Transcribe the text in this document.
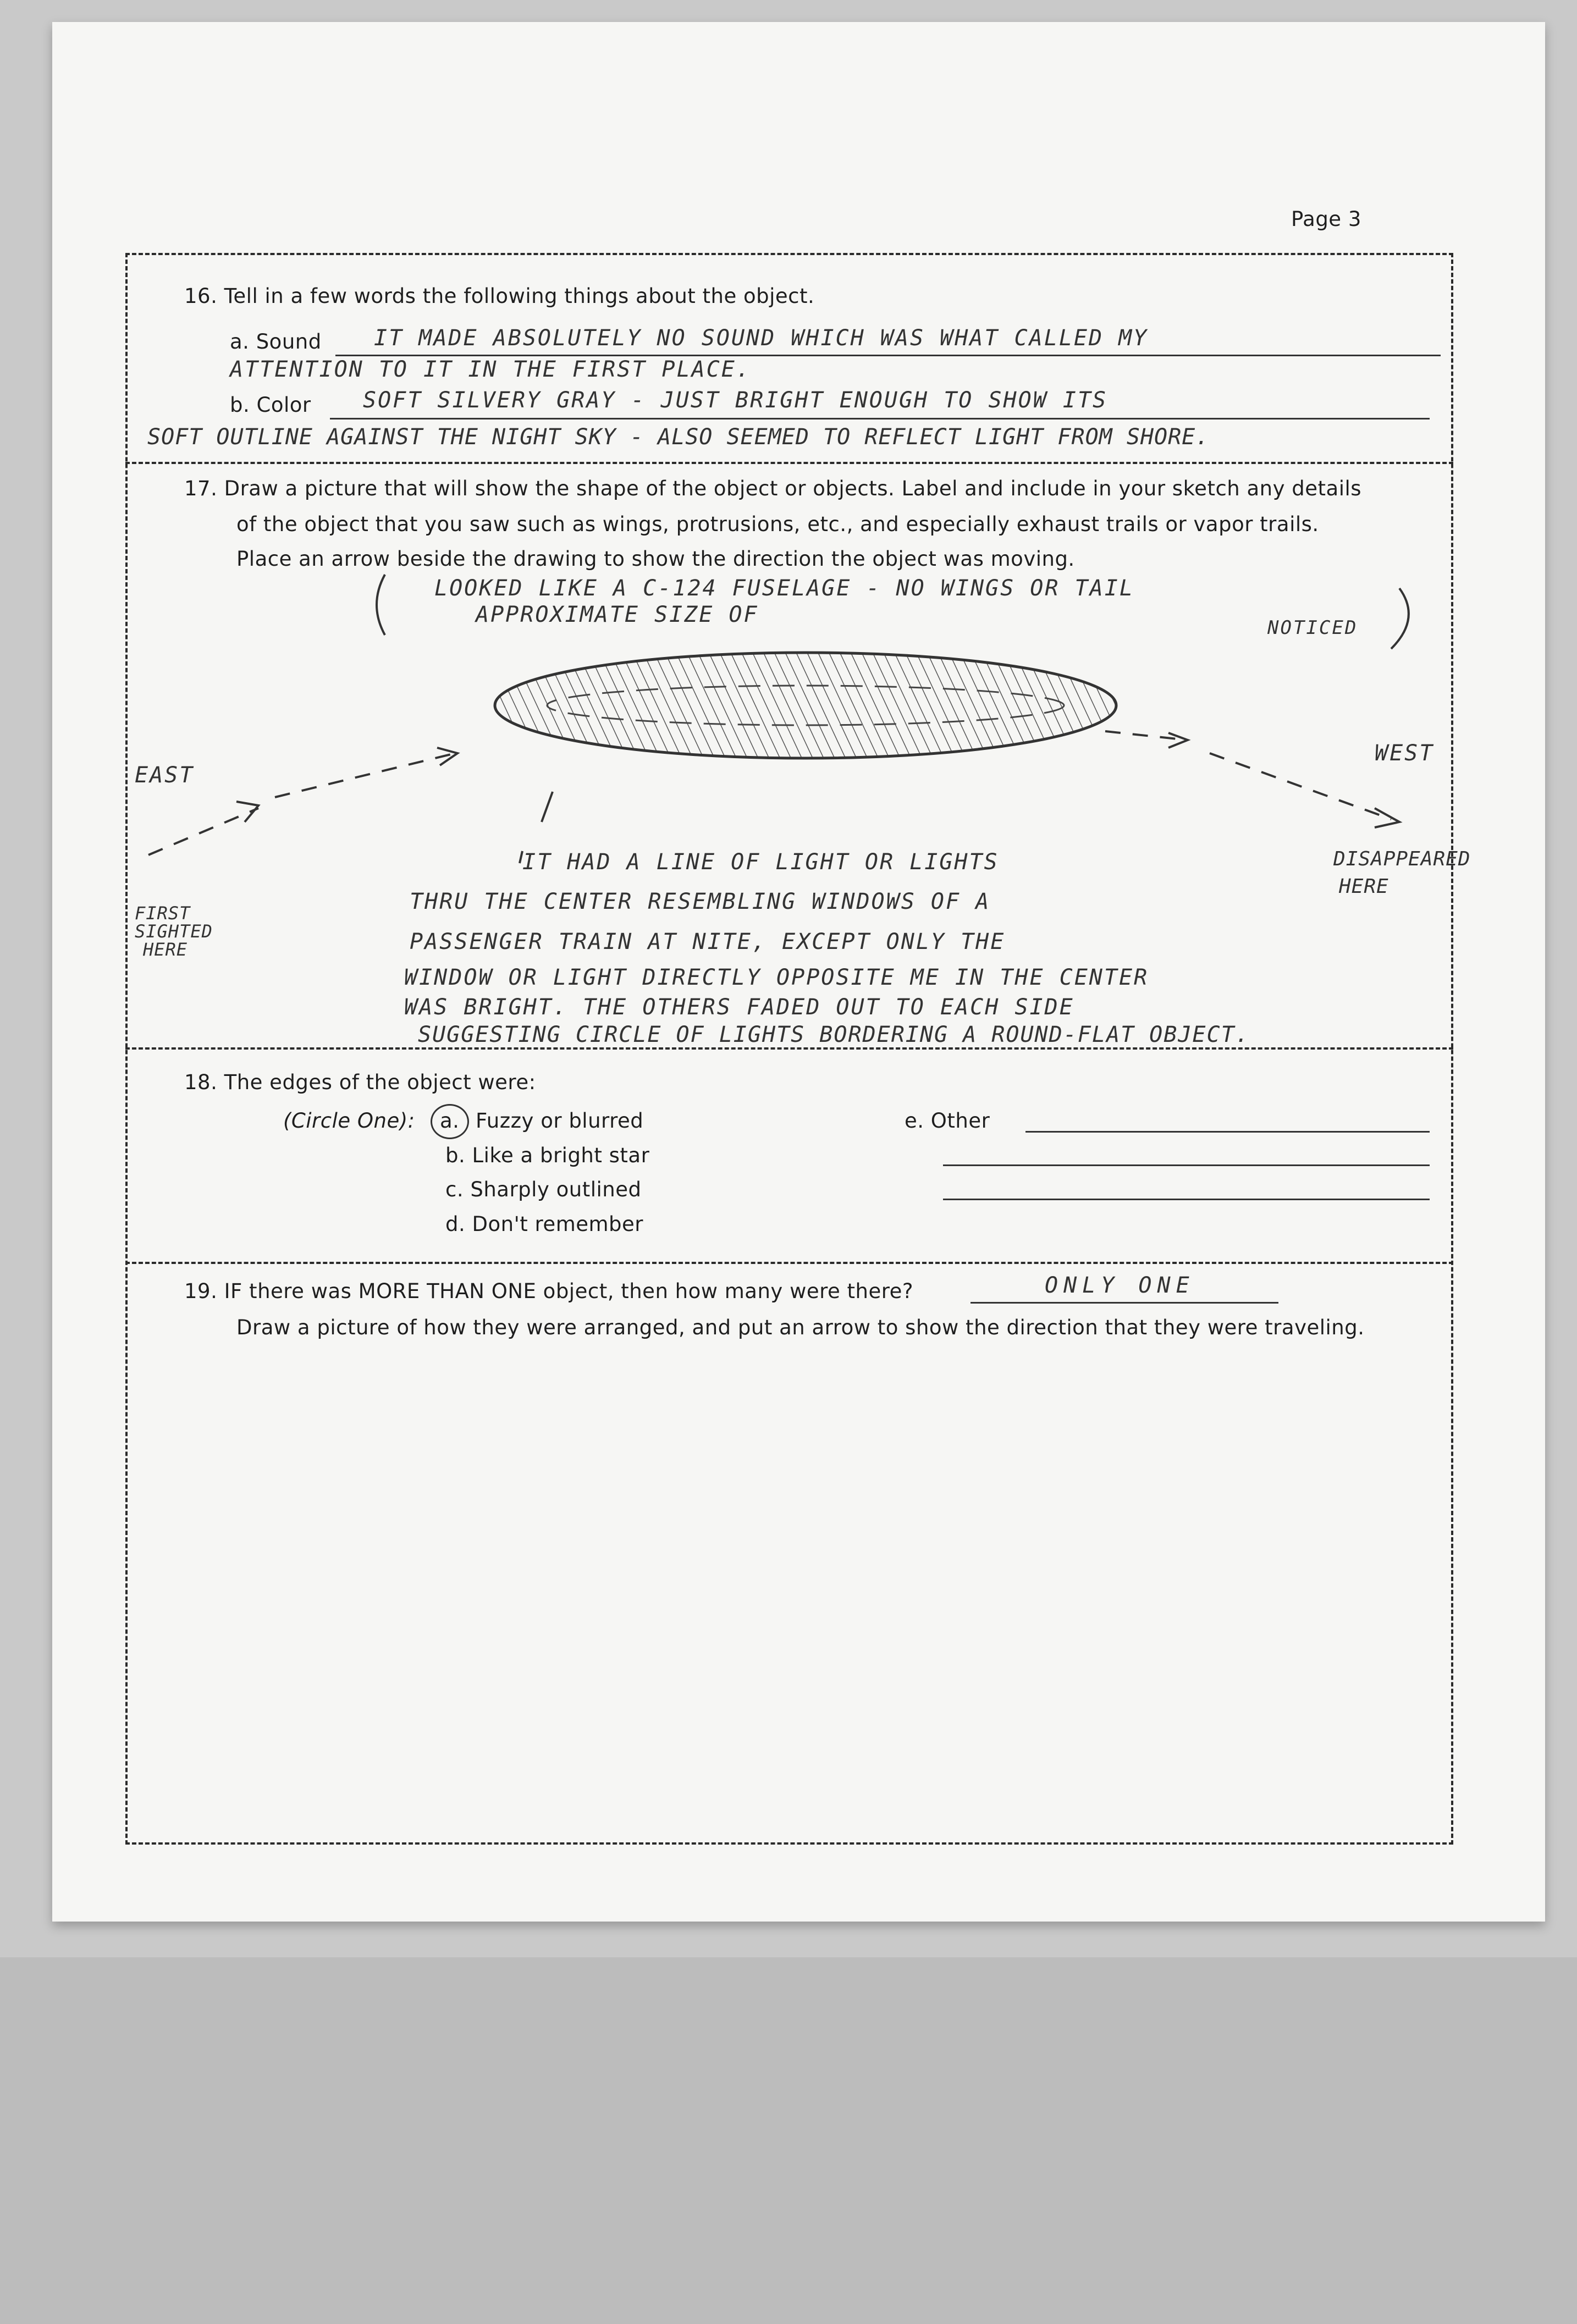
Page 3
16. Tell in a few words the following things about the object.
a. Sound IT MADE ABSOLUTELY NO SOUND WHICH WAS WHAT CALLED MY
ATTENTION TO IT IN THE FIRST PLACE.
b. Color SOFT SILVERY GRAY - JUST BRIGHT ENOUGH TO SHOW ITS
SOFT OUTLINE AGAINST THE NIGHT SKY - ALSO SEEMED TO REFLECT LIGHT FROM SHORE.
17. Draw a picture that will show the shape of the object or objects. Label and include in your sketch any details
of the object that you saw such as wings, protrusions, etc., and especially exhaust trails or vapor trails.
Place an arrow beside the drawing to show the direction the object was moving.
LOOKED LIKE A C-124 FUSELAGE - NO WINGS OR TAIL
APPROXIMATE SIZE OF
NOTICED
EAST
WEST
FIRST
SIGHTED
HERE
DISAPPEARED
HERE
IT HAD A LINE OF LIGHT OR LIGHTS
THRU THE CENTER RESEMBLING WINDOWS OF A
PASSENGER TRAIN AT NITE, EXCEPT ONLY THE
WINDOW OR LIGHT DIRECTLY OPPOSITE ME IN THE CENTER
WAS BRIGHT. THE OTHERS FADED OUT TO EACH SIDE
SUGGESTING CIRCLE OF LIGHTS BORDERING A ROUND-FLAT OBJECT.
18. The edges of the object were:
(Circle One): a. Fuzzy or blurred
b. Like a bright star
c. Sharply outlined
d. Don't remember
e. Other
19. IF there was MORE THAN ONE object, then how many were there?	ONLY ONE
Draw a picture of how they were arranged, and put an arrow to show the direction that they were traveling.
